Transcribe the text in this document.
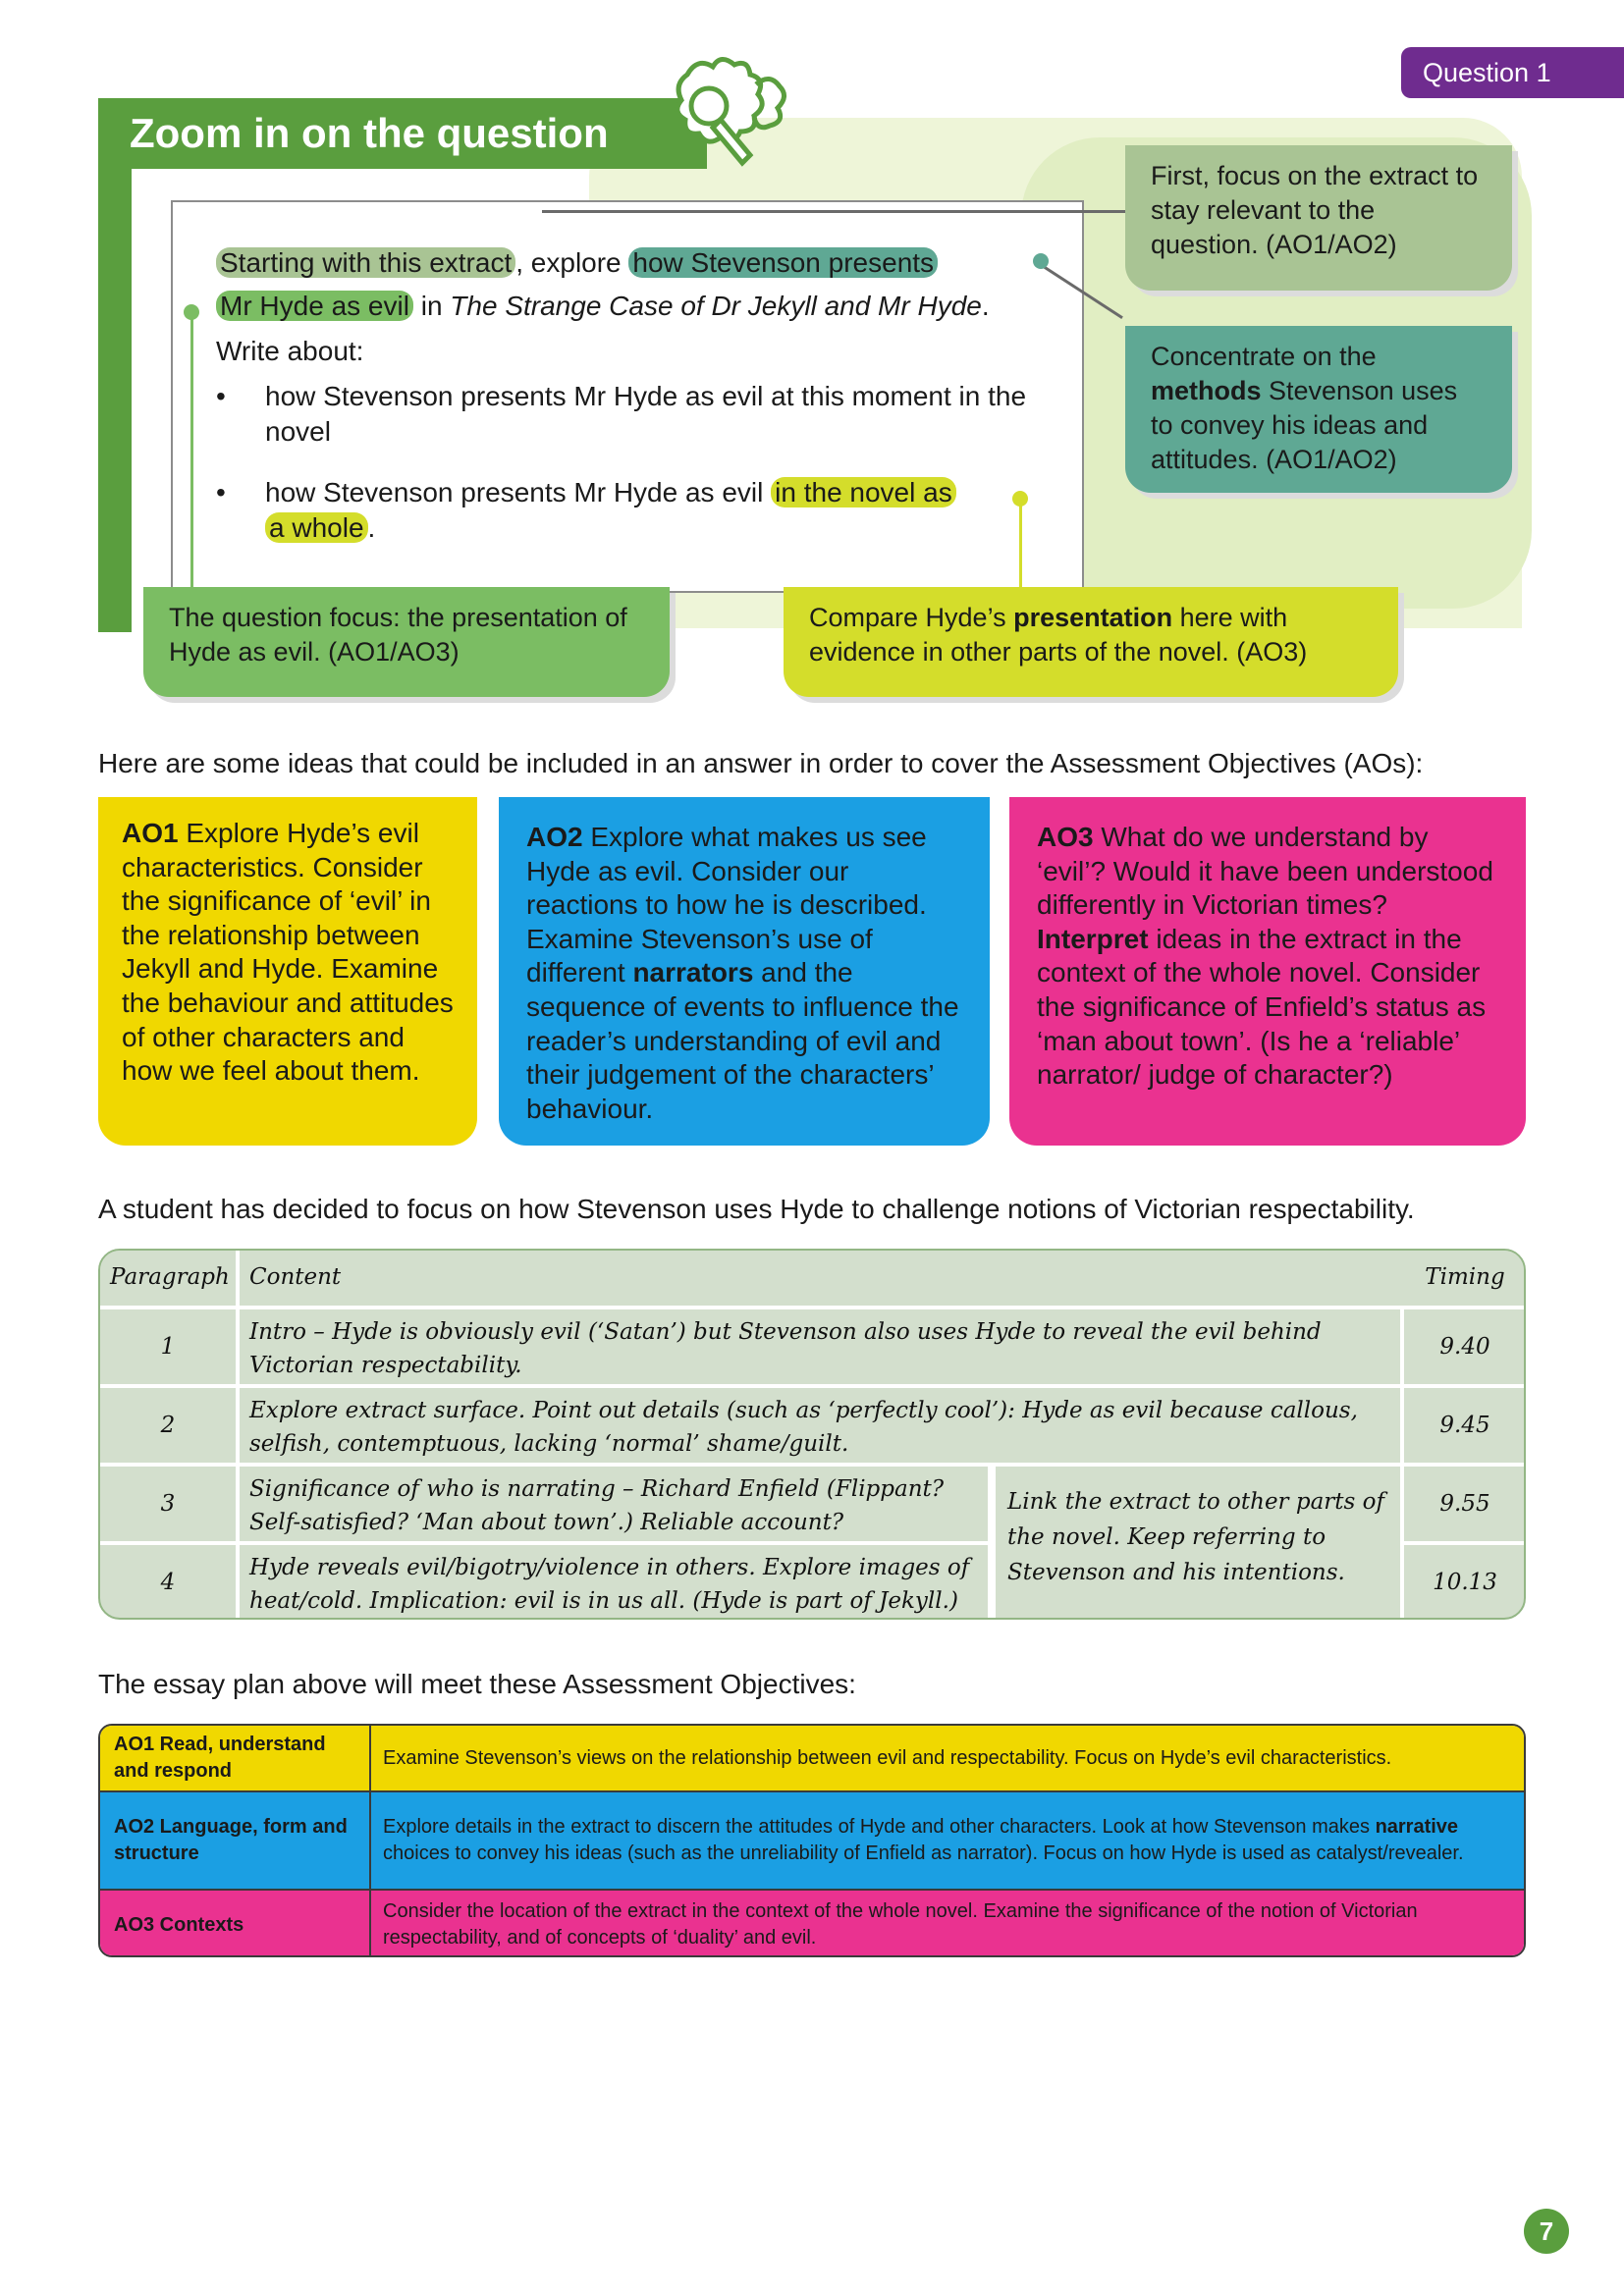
Question 1
Zoom in on the question
Starting with this extract , explore how Stevenson presents
Mr Hyde as evil in The Strange Case of Dr Jekyll and Mr Hyde.
Write about:
• how Stevenson presents Mr Hyde as evil at this moment in the novel
• how Stevenson presents Mr Hyde as evil in the novel as
a whole .
First, focus on the extract to stay relevant to the question. (AO1/AO2)
Concentrate on the methods Stevenson uses to convey his ideas and attitudes. (AO1/AO2)
The question focus: the presentation of Hyde as evil. (AO1/AO3)
Compare Hyde’s presentation here with evidence in other parts of the novel. (AO3)
Here are some ideas that could be included in an answer in order to cover the Assessment Objectives (AOs):
AO1 Explore Hyde’s evil characteristics. Consider the significance of ‘evil’ in the relationship between Jekyll and Hyde. Examine the behaviour and attitudes of other characters and how we feel about them.
AO2 Explore what makes us see Hyde as evil. Consider our reactions to how he is described. Examine Stevenson’s use of different narrators and the sequence of events to influence the reader’s understanding of evil and their judgement of the characters’ behaviour.
AO3 What do we understand by ‘evil’? Would it have been understood differently in Victorian times? Interpret ideas in the extract in the context of the whole novel. Consider the significance of Enfield’s status as ‘man about town’. (Is he a ‘reliable’ narrator/ judge of character?)
A student has decided to focus on how Stevenson uses Hyde to challenge notions of Victorian respectability.
Paragraph Content	Timing
1
Intro – Hyde is obviously evil (‘Satan’) but Stevenson also uses Hyde to reveal the evil behind Victorian respectability.
9.40
2
Explore extract surface. Point out details (such as ‘perfectly cool’): Hyde as evil because callous, selfish, contemptuous, lacking ‘normal’ shame/guilt.
9.45
3
Significance of who is narrating – Richard Enfield (Flippant? Self-satisfied? ‘Man about town’.) Reliable account?
9.55
4
Hyde reveals evil/bigotry/violence in others. Explore images of heat/cold. Implication: evil is in us all. (Hyde is part of Jekyll.)
10.13
Link the extract to other parts of the novel. Keep referring to Stevenson and his intentions.
The essay plan above will meet these Assessment Objectives:
AO1 Read, understand and respond
Examine Stevenson’s views on the relationship between evil and respectability. Focus on Hyde’s evil characteristics.
AO2 Language, form and structure
Explore details in the extract to discern the attitudes of Hyde and other characters. Look at how Stevenson makes narrative choices to convey his ideas (such as the unreliability of Enfield as narrator). Focus on how Hyde is used as catalyst/revealer.
AO3 Contexts
Consider the location of the extract in the context of the whole novel. Examine the significance of the notion of Victorian respectability, and of concepts of ‘duality’ and evil.
7
